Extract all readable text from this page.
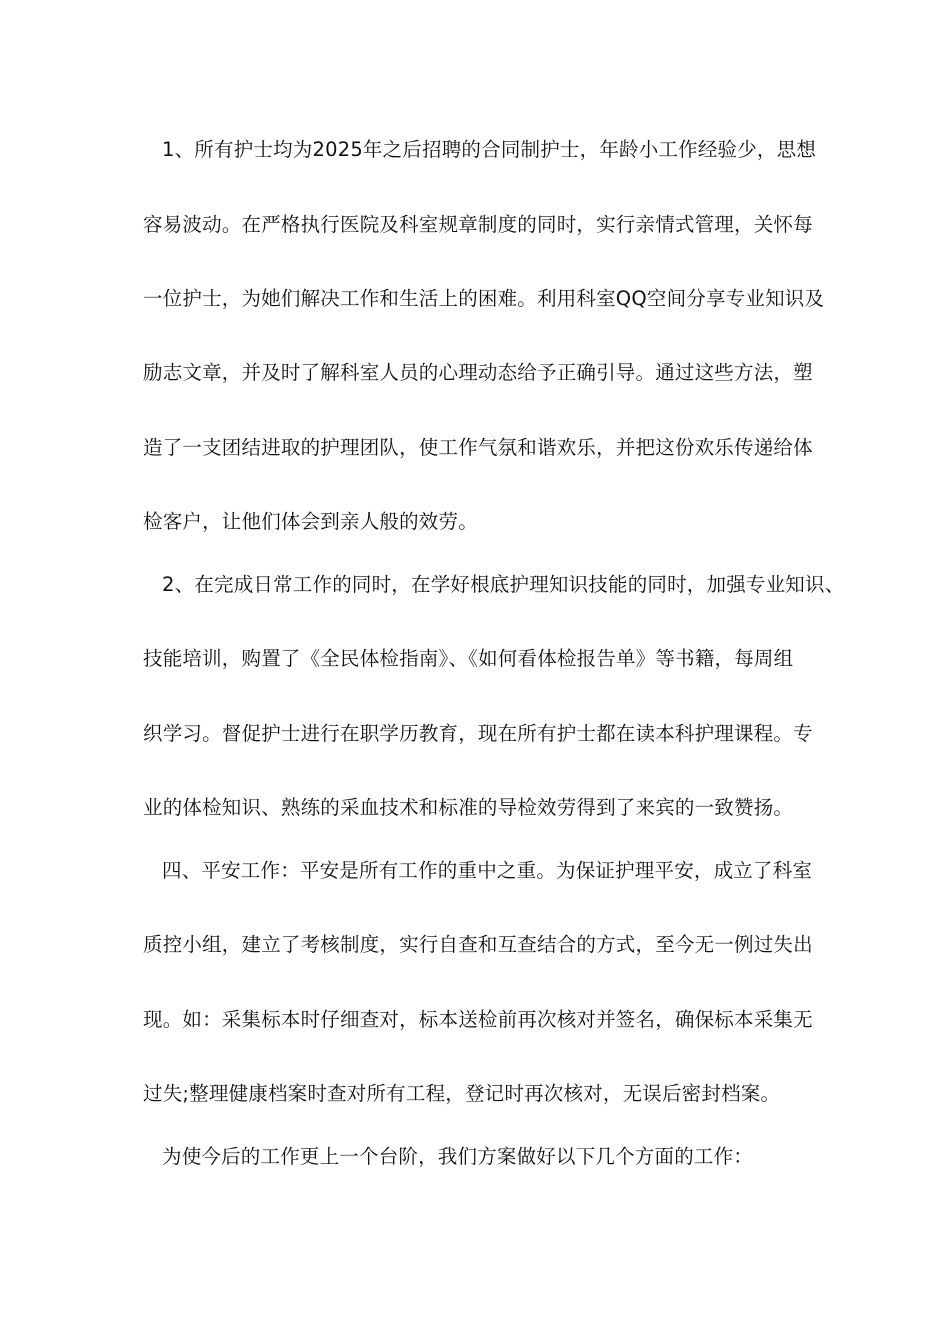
1、所有护士均为2025年之后招聘的合同制护士，年龄小工作经验少，思想
容易波动。在严格执行医院及科室规章制度的同时，实行亲情式管理，关怀每
一位护士，为她们解决工作和生活上的困难。利用科室QQ空间分享专业知识及
励志文章，并及时了解科室人员的心理动态给予正确引导。通过这些方法，塑
造了一支团结进取的护理团队，使工作气氛和谐欢乐，并把这份欢乐传递给体
检客户，让他们体会到亲人般的效劳。
2、在完成日常工作的同时，在学好根底护理知识技能的同时，加强专业知识、
技能培训，购置了《全民体检指南》、《如何看体检报告单》等书籍，每周组
织学习。督促护士进行在职学历教育，现在所有护士都在读本科护理课程。专
业的体检知识、熟练的采血技术和标准的导检效劳得到了来宾的一致赞扬。
四、平安工作：平安是所有工作的重中之重。为保证护理平安，成立了科室
质控小组，建立了考核制度，实行自查和互查结合的方式，至今无一例过失出
现。如：采集标本时仔细查对，标本送检前再次核对并签名，确保标本采集无
过失;整理健康档案时查对所有工程，登记时再次核对，无误后密封档案。
为使今后的工作更上一个台阶，我们方案做好以下几个方面的工作：
